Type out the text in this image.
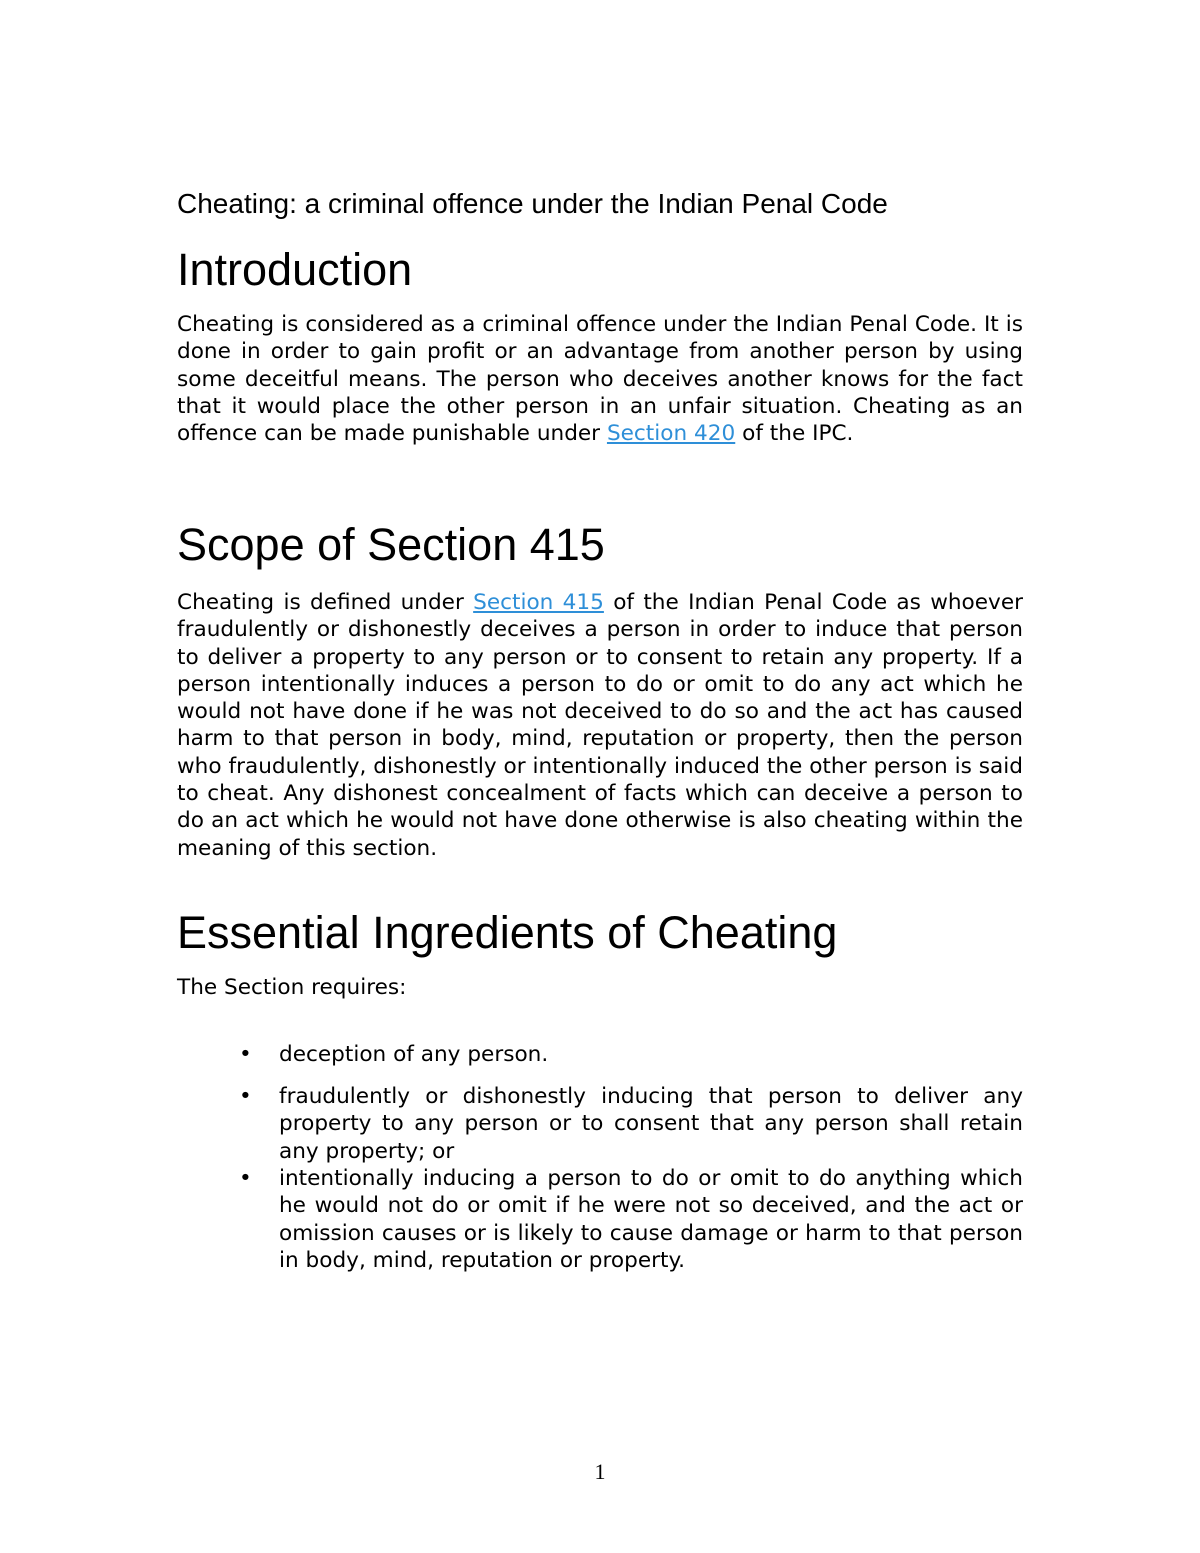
Cheating: a criminal offence under the Indian Penal Code
Introduction

Cheating is considered as a criminal offence under the Indian Penal Code. It is done in order to gain profit or an advantage from another person by using some deceitful means. The person who deceives another knows for the fact that it would place the other person in an unfair situation. Cheating as an offence can be made punishable under Section 420 of the IPC.

Scope of Section 415

Cheating is defined under Section 415 of the Indian Penal Code as whoever fraudulently or dishonestly deceives a person in order to induce that person to deliver a property to any person or to consent to retain any property. If a person intentionally induces a person to do or omit to do any act which he would not have done if he was not deceived to do so and the act has caused harm to that person in body, mind, reputation or property, then the person who fraudulently, dishonestly or intentionally induced the other person is said to cheat. Any dishonest concealment of facts which can deceive a person to do an act which he would not have done otherwise is also cheating within the meaning of this section.

Essential Ingredients of Cheating

The Section requires:

• deception of any person.
• fraudulently or dishonestly inducing that person to deliver any property to any person or to consent that any person shall retain any property; or
• intentionally inducing a person to do or omit to do anything which he would not do or omit if he were not so deceived, and the act or omission causes or is likely to cause damage or harm to that person in body, mind, reputation or property.
1
